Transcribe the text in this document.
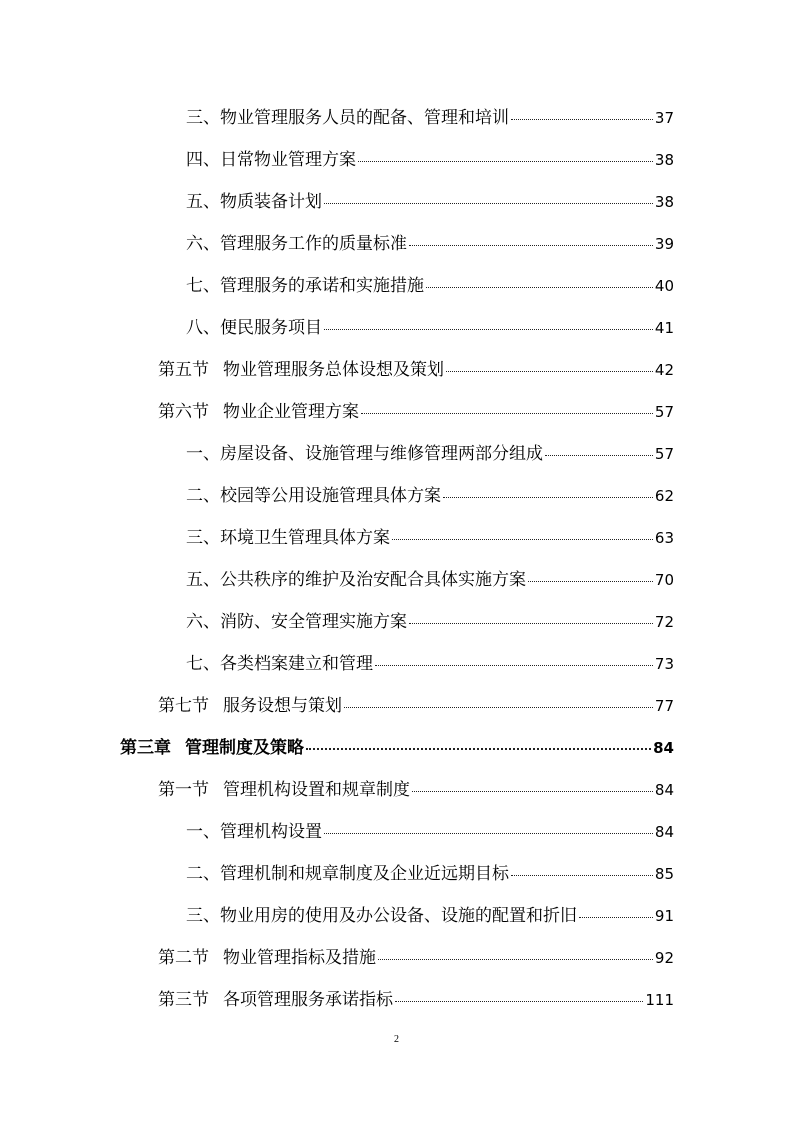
三、物业管理服务人员的配备、管理和培训	37
四、日常物业管理方案	38
五、物质装备计划	38
六、管理服务工作的质量标准	39
七、管理服务的承诺和实施措施	40
八、便民服务项目	41
第五节 物业管理服务总体设想及策划	42
第六节 物业企业管理方案	57
一、房屋设备、设施管理与维修管理两部分组成	57
二、校园等公用设施管理具体方案	62
三、环境卫生管理具体方案	63
五、公共秩序的维护及治安配合具体实施方案	70
六、消防、安全管理实施方案	72
七、各类档案建立和管理	73
第七节 服务设想与策划	77
第三章 管理制度及策略	84
第一节 管理机构设置和规章制度	84
一、管理机构设置	84
二、管理机制和规章制度及企业近远期目标	85
三、物业用房的使用及办公设备、设施的配置和折旧	91
第二节 物业管理指标及措施	92
第三节 各项管理服务承诺指标	111
2
